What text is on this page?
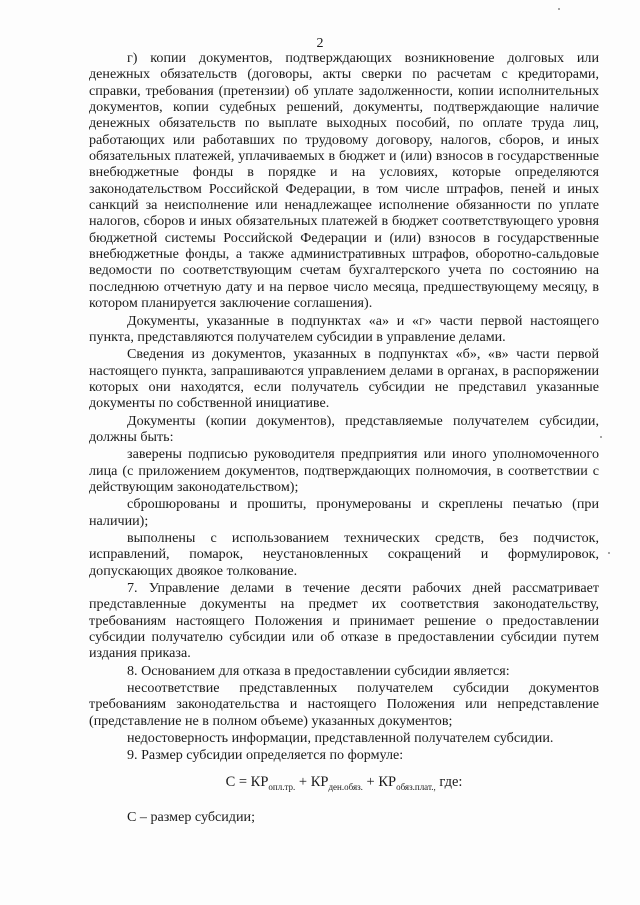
2

г) копии документов, подтверждающих возникновение долговых или денежных обязательств (договоры, акты сверки по расчетам с кредиторами, справки, требования (претензии) об уплате задолженности, копии исполнительных документов, копии судебных решений, документы, подтверждающие наличие денежных обязательств по выплате выходных пособий, по оплате труда лиц, работающих или работавших по трудовому договору, налогов, сборов, и иных обязательных платежей, уплачиваемых в бюджет и (или) взносов в государственные внебюджетные фонды в порядке и на условиях, которые определяются законодательством Российской Федерации, в том числе штрафов, пеней и иных санкций за неисполнение или ненадлежащее исполнение обязанности по уплате налогов, сборов и иных обязательных платежей в бюджет соответствующего уровня бюджетной системы Российской Федерации и (или) взносов в государственные внебюджетные фонды, а также административных штрафов, оборотно-сальдовые ведомости по соответствующим счетам бухгалтерского учета по состоянию на последнюю отчетную дату и на первое число месяца, предшествующему месяцу, в котором планируется заключение соглашения).

Документы, указанные в подпунктах «а» и «г» части первой настоящего пункта, представляются получателем субсидии в управление делами.

Сведения из документов, указанных в подпунктах «б», «в» части первой настоящего пункта, запрашиваются управлением делами в органах, в распоряжении которых они находятся, если получатель субсидии не представил указанные документы по собственной инициативе.

Документы (копии документов), представляемые получателем субсидии, должны быть:

заверены подписью руководителя предприятия или иного уполномоченного лица (с приложением документов, подтверждающих полномочия, в соответствии с действующим законодательством);

сброшюрованы и прошиты, пронумерованы и скреплены печатью (при наличии);

выполнены с использованием технических средств, без подчисток, исправлений, помарок, неустановленных сокращений и формулировок, допускающих двоякое толкование.

7. Управление делами в течение десяти рабочих дней рассматривает представленные документы на предмет их соответствия законодательству, требованиям настоящего Положения и принимает решение о предоставлении субсидии получателю субсидии или об отказе в предоставлении субсидии путем издания приказа.

8. Основанием для отказа в предоставлении субсидии является:

несоответствие представленных получателем субсидии документов требованиям законодательства и настоящего Положения или непредставление (представление не в полном объеме) указанных документов;

недостоверность информации, представленной получателем субсидии.

9. Размер субсидии определяется по формуле:

$С = КР_{опл.тр.} + КР_{ден.обяз.} + КР_{обяз.плат.,}$ где:

С – размер субсидии;
